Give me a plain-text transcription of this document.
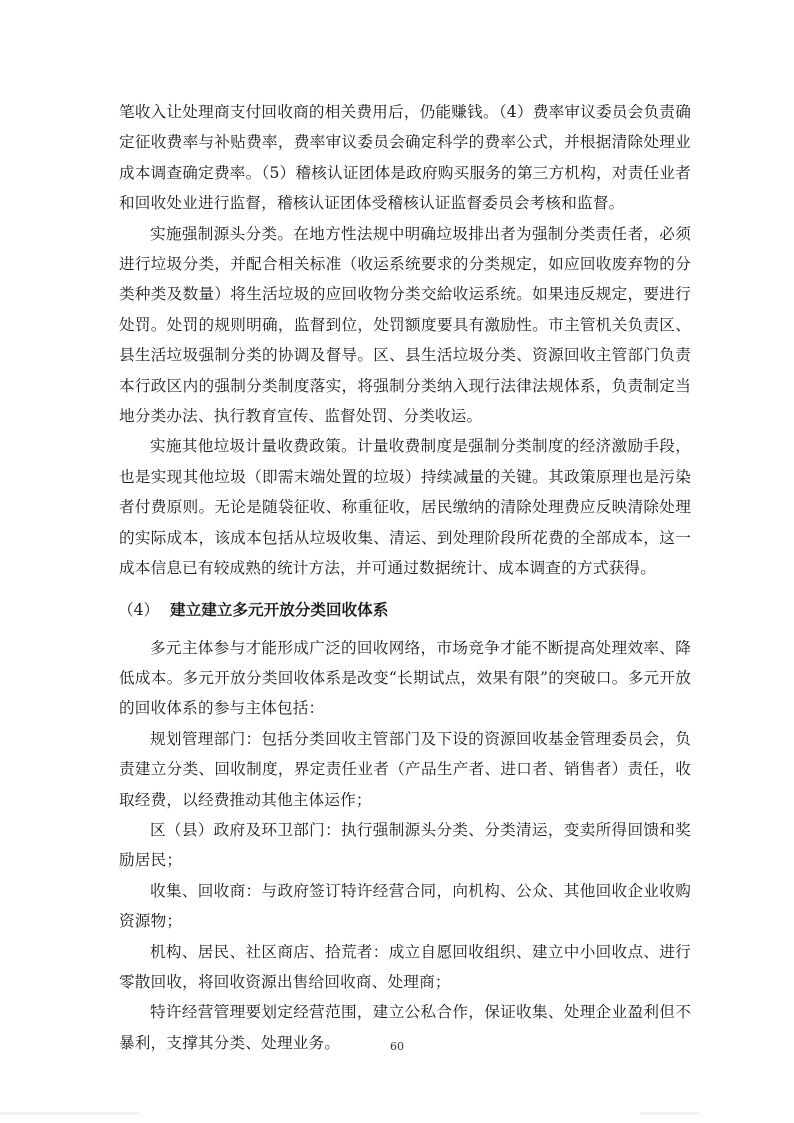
笔收入让处理商支付回收商的相关费用后，仍能赚钱。（4）费率审议委员会负责确定征收费率与补贴费率，费率审议委员会确定科学的费率公式，并根据清除处理业成本调查确定费率。（5）稽核认证团体是政府购买服务的第三方机构，对责任业者和回收处业进行监督，稽核认证团体受稽核认证监督委员会考核和监督。

实施强制源头分类。在地方性法规中明确垃圾排出者为强制分类责任者，必须进行垃圾分类，并配合相关标准（收运系统要求的分类规定，如应回收废弃物的分类种类及数量）将生活垃圾的应回收物分类交給收运系统。如果违反规定，要进行处罚。处罚的规则明确，监督到位，处罚额度要具有激励性。市主管机关负责区、县生活垃圾强制分类的协调及督导。区、县生活垃圾分类、资源回收主管部门负责本行政区内的强制分类制度落实，将强制分类纳入现行法律法规体系，负责制定当地分类办法、执行教育宣传、监督处罚、分类收运。

实施其他垃圾计量收费政策。计量收费制度是强制分类制度的经济激励手段，也是实现其他垃圾（即需末端处置的垃圾）持续减量的关键。其政策原理也是污染者付费原则。无论是随袋征收、称重征收，居民缴纳的清除处理费应反映清除处理的实际成本，该成本包括从垃圾收集、清运、到处理阶段所花费的全部成本，这一成本信息已有较成熟的统计方法，并可通过数据统计、成本调查的方式获得。

（4） 建立建立多元开放分类回收体系

多元主体参与才能形成广泛的回收网络，市场竞争才能不断提高处理效率、降低成本。多元开放分类回收体系是改变“长期试点，效果有限”的突破口。多元开放的回收体系的参与主体包括：

规划管理部门：包括分类回收主管部门及下设的资源回收基金管理委员会，负责建立分类、回收制度，界定责任业者（产品生产者、进口者、销售者）责任，收取经费，以经费推动其他主体运作；

区（县）政府及环卫部门：执行强制源头分类、分类清运，变卖所得回馈和奖励居民；

收集、回收商：与政府签订特许经营合同，向机构、公众、其他回收企业收购资源物；

机构、居民、社区商店、拾荒者：成立自愿回收组织、建立中小回收点、进行零散回收，将回收资源出售给回收商、处理商；

特许经营管理要划定经营范围，建立公私合作，保证收集、处理企业盈利但不暴利，支撑其分类、处理业务。	60
